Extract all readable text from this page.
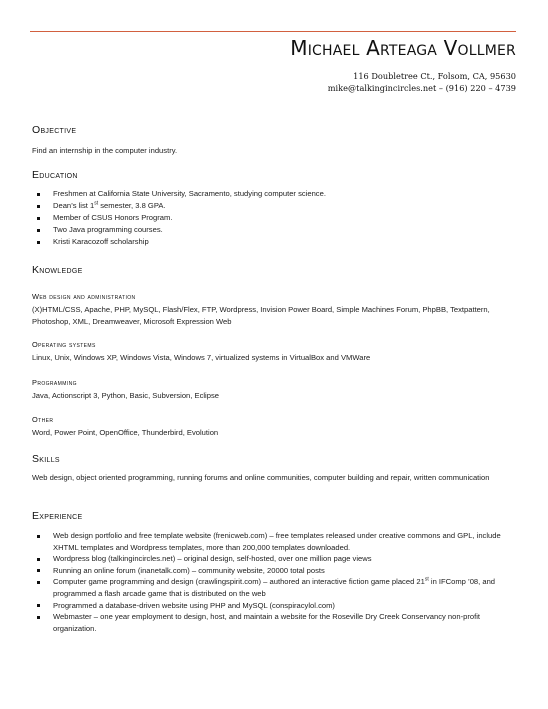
Michael Arteaga Vollmer
116 Doubletree Ct., Folsom, CA, 95630
mike@talkingincircles.net – (916) 220 – 4739
Objective

Find an internship in the computer industry.

Education
Freshmen at California State University, Sacramento, studying computer science.
Dean’s list 1st semester, 3.8 GPA.
Member of CSUS Honors Program.
Two Java programming courses.
Kristi Karacozoff scholarship
Knowledge
Web design and administration

(X)HTML/CSS, Apache, PHP, MySQL, Flash/Flex, FTP, Wordpress, Invision Power Board, Simple Machines Forum, PhpBB, Textpattern, Photoshop, XML, Dreamweaver, Microsoft Expression Web

Operating systems

Linux, Unix, Windows XP, Windows Vista, Windows 7, virtualized systems in VirtualBox and VMWare

Programming

Java, Actionscript 3, Python, Basic, Subversion, Eclipse

Other

Word, Power Point, OpenOffice, Thunderbird, Evolution

Skills

Web design, object oriented programming, running forums and online communities, computer building and repair, written communication

Experience
Web design portfolio and free template website (frenicweb.com) – free templates released under creative commons and GPL, include XHTML templates and Wordpress templates, more than 200,000 templates downloaded.
Wordpress blog (talkingincircles.net) – original design, self-hosted, over one million page views
Running an online forum (inanetalk.com) – community website, 20000 total posts
Computer game programming and design (crawlingspirit.com) – authored an interactive fiction game placed 21st in IFComp ’08, and programmed a flash arcade game that is distributed on the web
Programmed a database-driven website using PHP and MySQL (conspiracylol.com)
Webmaster – one year employment to design, host, and maintain a website for the Roseville Dry Creek Conservancy non-profit organization.
